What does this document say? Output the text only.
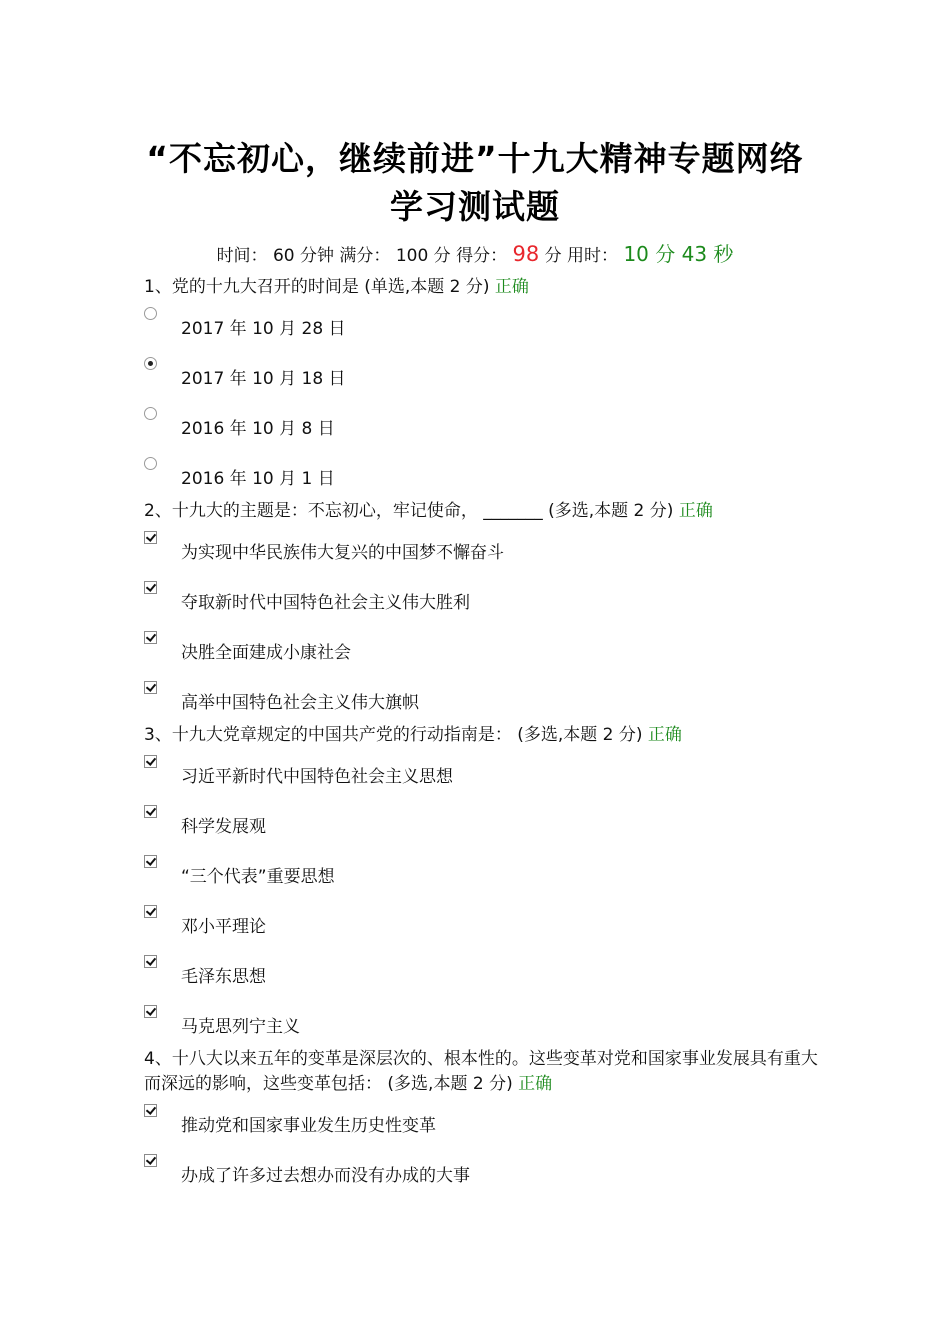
“不忘初心，继续前进”十九大精神专题网络
学习测试题
时间： 60 分钟 满分： 100 分 得分： 98 分 用时： 10 分 43 秒
1、党的十九大召开的时间是 (单选,本题 2 分) 正确
2017 年 10 月 28 日
2017 年 10 月 18 日
2016 年 10 月 8 日
2016 年 10 月 1 日
2、十九大的主题是：不忘初心，牢记使命， _______ (多选,本题 2 分) 正确
为实现中华民族伟大复兴的中国梦不懈奋斗
夺取新时代中国特色社会主义伟大胜利
决胜全面建成小康社会
高举中国特色社会主义伟大旗帜
3、十九大党章规定的中国共产党的行动指南是： (多选,本题 2 分) 正确
习近平新时代中国特色社会主义思想
科学发展观
“三个代表”重要思想
邓小平理论
毛泽东思想
马克思列宁主义
4、十八大以来五年的变革是深层次的、根本性的。这些变革对党和国家事业发展具有重大而深远的影响，这些变革包括： (多选,本题 2 分) 正确
推动党和国家事业发生历史性变革
办成了许多过去想办而没有办成的大事
